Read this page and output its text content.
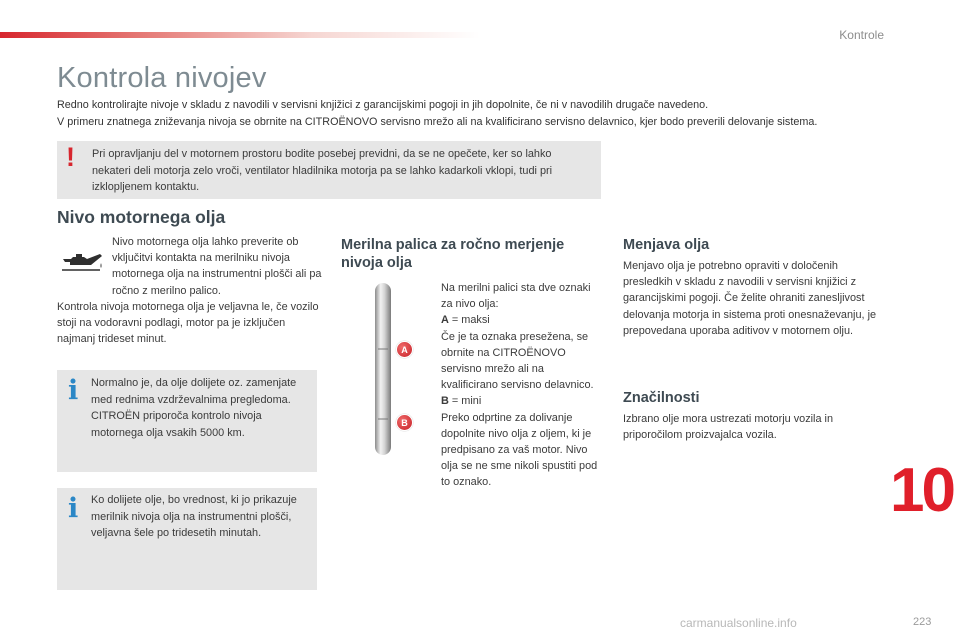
Kontrole
Kontrola nivojev
Redno kontrolirajte nivoje v skladu z navodili v servisni knjižici z garancijskimi pogoji in jih dopolnite, če ni v navodilih drugače navedeno.
V primeru znatnega zniževanja nivoja se obrnite na CITROËNOVO servisno mrežo ali na kvalificirano servisno delavnico, kjer bodo preverili delovanje sistema.
! Pri opravljanju del v motornem prostoru bodite posebej previdni, da se ne opečete, ker so lahko nekateri deli motorja zelo vroči, ventilator hladilnika motorja pa se lahko kadarkoli vklopi, tudi pri izklopljenem kontaktu.
Nivo motornega olja
Nivo motornega olja lahko preverite ob vključitvi kontakta na merilniku nivoja motornega olja na instrumentni plošči ali pa ročno z merilno palico.
Kontrola nivoja motornega olja je veljavna le, če vozilo stoji na vodoravni podlagi, motor pa je izključen najmanj trideset minut.
i Normalno je, da olje dolijete oz. zamenjate med rednima vzdrževalnima pregledoma. CITROËN priporoča kontrolo nivoja motornega olja vsakih 5000 km.
i Ko dolijete olje, bo vrednost, ki jo prikazuje merilnik nivoja olja na instrumentni plošči, veljavna šele po tridesetih minutah.
Merilna palica za ročno merjenje nivoja olja
A
B
Na merilni palici sta dve oznaki za nivo olja:
A = maksi
Če je ta oznaka presežena, se obrnite na CITROËNOVO servisno mrežo ali na kvalificirano servisno delavnico.
B = mini
Preko odprtine za dolivanje dopolnite nivo olja z oljem, ki je predpisano za vaš motor. Nivo olja se ne sme nikoli spustiti pod to oznako.
Menjava olja
Menjavo olja je potrebno opraviti v določenih presledkih v skladu z navodili v servisni knjižici z garancijskimi pogoji. Če želite ohraniti zanesljivost delovanja motorja in sistema proti onesnaževanju, je prepovedana uporaba aditivov v motornem olju.
Značilnosti
Izbrano olje mora ustrezati motorju vozila in priporočilom proizvajalca vozila.
10
carmanualsonline.info	223
